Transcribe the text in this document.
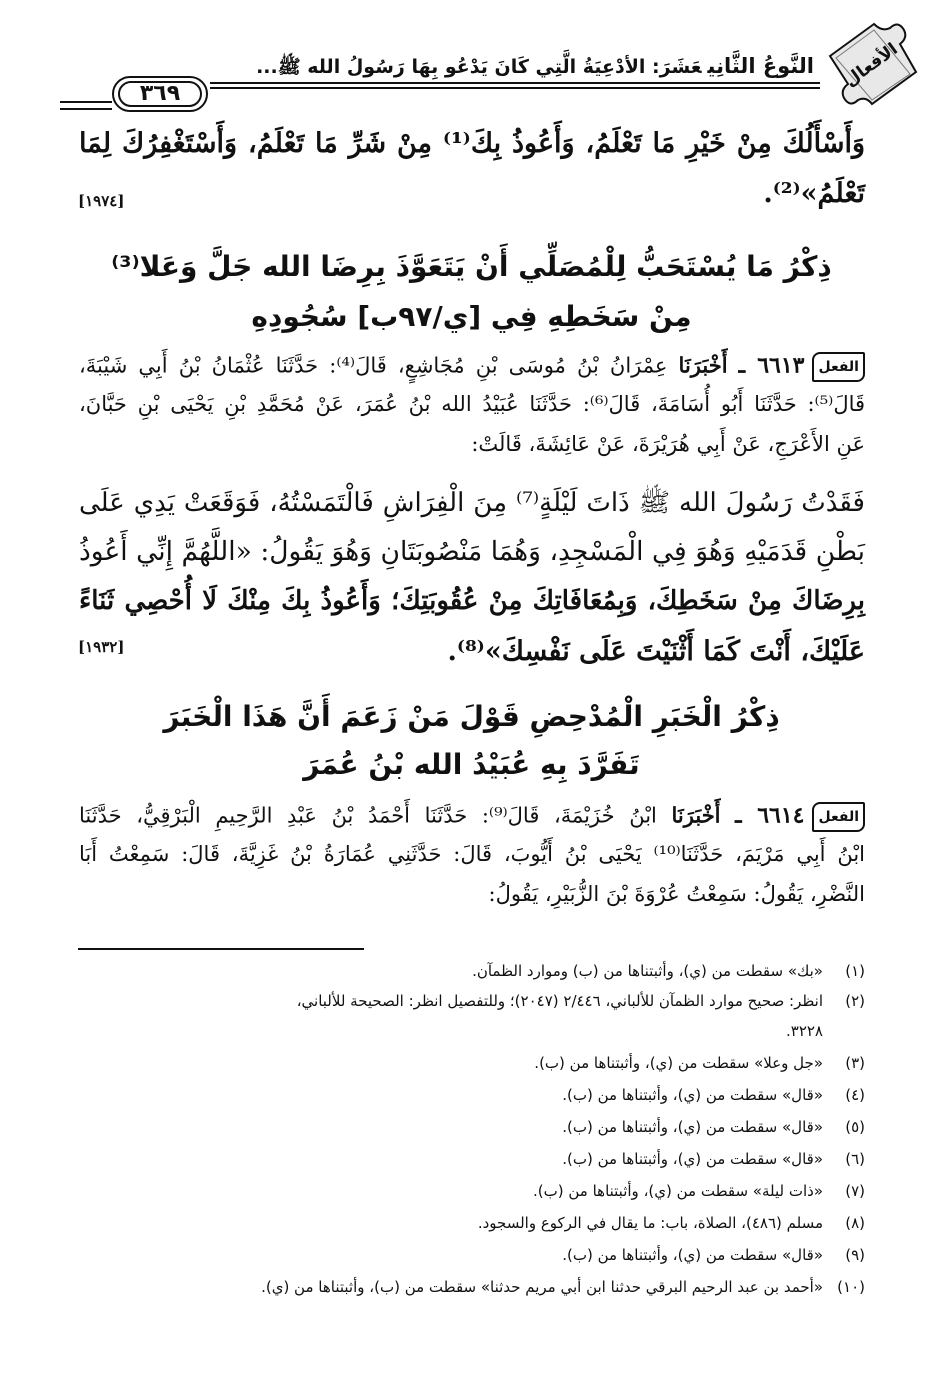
٣٦٩
النَّوعُ الثَّانِيعَشَرَ: الأدْعِيَةُ الَّتِي كَانَ يَدْعُو بِهَا رَسُولُ الله ﷺ...	الأفعال
وَأَسْأَلُكَ مِنْ خَيْرِ مَا تَعْلَمُ، وَأَعُوذُ بِكَ⁽¹⁾ مِنْ شَرِّ مَا تَعْلَمُ، وَأَسْتَغْفِرُكَ لِمَا
تَعْلَمُ»⁽²⁾.
[١٩٧٤]
ذِكْرُ مَا يُسْتَحَبُّ لِلْمُصَلِّي أَنْ يَتَعَوَّذَ بِرِضَا الله جَلَّ وَعَلا⁽³⁾
مِنْ سَخَطِهِ فِي [ي/٩٧ب] سُجُودِهِ
الفعل٦٦١٣ ـ أَخْبَرَنَا عِمْرَانُ بْنُ مُوسَى بْنِ مُجَاشِعٍ، قَالَ⁽⁴⁾: حَدَّثَنَا عُثْمَانُ بْنُ أَبِي شَيْبَةَ،
قَالَ⁽⁵⁾: حَدَّثَنَا أَبُو أُسَامَةَ، قَالَ⁽⁶⁾: حَدَّثَنَا عُبَيْدُ الله بْنُ عُمَرَ، عَنْ مُحَمَّدِ بْنِ يَحْيَى بْنِ حَبَّانَ،
عَنِ الأَعْرَجِ، عَنْ أَبِي هُرَيْرَةَ، عَنْ عَائِشَةَ، قَالَتْ:
فَقَدْتُ رَسُولَ الله ﷺ ذَاتَ لَيْلَةٍ⁽⁷⁾ مِنَ الْفِرَاشِ فَالْتَمَسْتُهُ، فَوَقَعَتْ يَدِي عَلَى
بَطْنِ قَدَمَيْهِ وَهُوَ فِي الْمَسْجِدِ، وَهُمَا مَنْصُوبَتَانِ وَهُوَ يَقُولُ: «اللَّهُمَّ إِنِّي أَعُوذُ
بِرِضَاكَ مِنْ سَخَطِكَ، وَبِمُعَافَاتِكَ مِنْ عُقُوبَتِكَ؛ وَأَعُوذُ بِكَ مِنْكَ لَا أُحْصِي ثَنَاءً
عَلَيْكَ، أَنْتَ كَمَا أَثْنَيْتَ عَلَى نَفْسِكَ»⁽⁸⁾.
[١٩٣٢]
ذِكْرُ الْخَبَرِ الْمُدْحِضِ قَوْلَ مَنْ زَعَمَ أَنَّ هَذَا الْخَبَرَ
تَفَرَّدَ بِهِ عُبَيْدُ الله بْنُ عُمَرَ
الفعل٦٦١٤ ـ أَخْبَرَنَا ابْنُ خُزَيْمَةَ، قَالَ⁽⁹⁾: حَدَّثَنَا أَحْمَدُ بْنُ عَبْدِ الرَّحِيمِ الْبَرْقِيُّ، حَدَّثَنَا
ابْنُ أَبِي مَرْيَمَ، حَدَّثَنَا⁽¹⁰⁾ يَحْيَى بْنُ أَيُّوبَ، قَالَ: حَدَّثَنِي عُمَارَةُ بْنُ غَزِيَّةَ، قَالَ: سَمِعْتُ أَبَا
النَّضْرِ، يَقُولُ: سَمِعْتُ عُرْوَةَ بْنَ الزُّبَيْرِ، يَقُولُ:
(١)«بك» سقطت من (ي)، وأثبتناها من (ب) وموارد الظمآن.
(٢)انظر: صحيح موارد الظمآن للألباني، ٢/٤٤٦ (٢٠٤٧)؛ وللتفصيل انظر: الصحيحة للألباني،
٣٢٢٨.
(٣)«جل وعلا» سقطت من (ي)، وأثبتناها من (ب).
(٤)«قال» سقطت من (ي)، وأثبتناها من (ب).
(٥)«قال» سقطت من (ي)، وأثبتناها من (ب).
(٦)«قال» سقطت من (ي)، وأثبتناها من (ب).
(٧)«ذات ليلة» سقطت من (ي)، وأثبتناها من (ب).
(٨)مسلم (٤٨٦)، الصلاة، باب: ما يقال في الركوع والسجود.
(٩)«قال» سقطت من (ي)، وأثبتناها من (ب).
(١٠)«أحمد بن عبد الرحيم البرقي حدثنا ابن أبي مريم حدثنا» سقطت من (ب)، وأثبتناها من (ي).
